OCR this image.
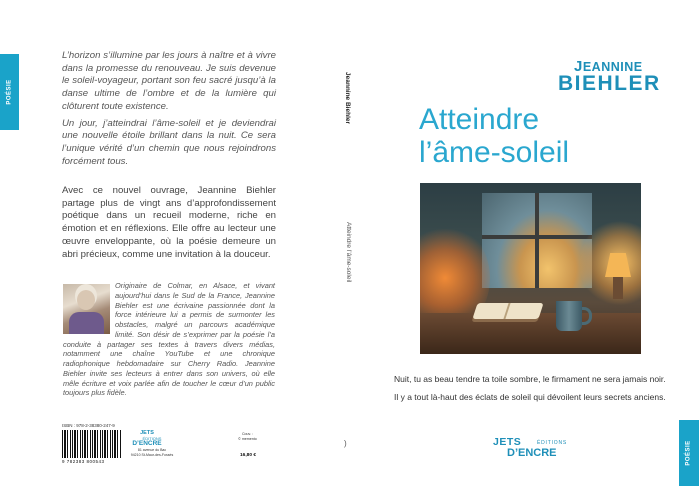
POÉSIE

L’horizon s’illumine par les jours à naître et à vivre dans la promesse du renouveau. Je suis devenue le soleil-voyageur, portant son feu sacré jusqu’à la danse ultime de l’ombre et de la lumière qui clôturent toute existence.

Un jour, j’atteindrai l’âme-soleil et je deviendrai une nouvelle étoile brillant dans la nuit. Ce sera l’unique vérité d’un chemin que nous rejoindrons forcément tous.

Avec ce nouvel ouvrage, Jeannine Biehler partage plus de vingt ans d’approfondissement poétique dans un recueil moderne, riche en émotion et en réflexions. Elle offre au lecteur une œuvre enveloppante, où la poésie demeure un abri précieux, comme une invitation à la douceur.
Originaire de Colmar, en Alsace, et vivant aujourd’hui dans le Sud de la France, Jeannine Biehler est une écrivaine passionnée dont la force intérieure lui a permis de surmonter les obstacles, malgré un parcours académique limité. Son désir de s’exprimer par la poésie l’a conduite à partager ses textes à travers divers médias, notamment une chaîne YouTube et une chronique radiophonique hebdomadaire sur Cherry Radio. Jeannine Biehler invite ses lecteurs à entrer dans son univers, où elle mêle écriture et voix parlée afin de toucher le cœur d’un public toujours plus fidèle.
ISBN : 978-2-38380-247-9
9 782383 800543
JETS
ÉDITIONS
D’ENCRE
81 avenue du Bac
94210 St-Maur-des-Fossés
Couv. :
© memento
16,80 €
Jeannine Biehler
Atteindre l’âme-soleil
)
JEANNINE
BIEHLER
Atteindre
l’âme-soleil

Nuit, tu as beau tendre ta toile sombre, le firmament ne sera jamais noir.

Il y a tout là-haut des éclats de soleil qui dévoilent leurs secrets anciens.

JETS	ÉDITIONS
D’ENCRE	POÉSIE
